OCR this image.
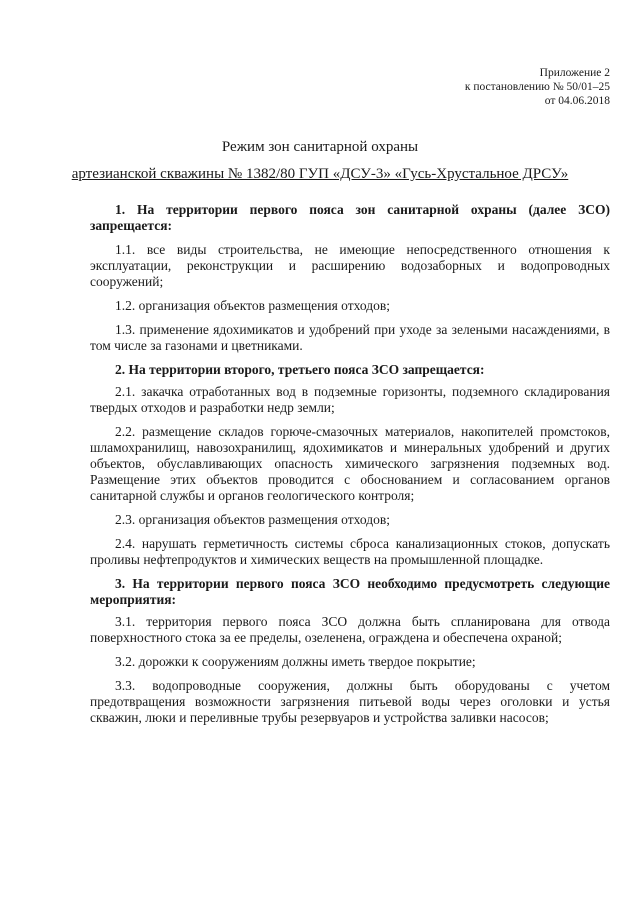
Приложение 2
к постановлению № 50/01–25
от 04.06.2018
Режим зон санитарной охраны
артезианской скважины № 1382/80 ГУП «ДСУ-3» «Гусь-Хрустальное ДРСУ»

1. На территории первого пояса зон санитарной охраны (далее ЗСО) запрещается:

1.1. все виды строительства, не имеющие непосредственного отношения к эксплуатации, реконструкции и расширению водозаборных и водопроводных сооружений;

1.2. организация объектов размещения отходов;

1.3. применение ядохимикатов и удобрений при уходе за зелеными насаждениями, в том числе за газонами и цветниками.

2. На территории второго, третьего пояса ЗСО запрещается:

2.1. закачка отработанных вод в подземные горизонты, подземного складирования твердых отходов и разработки недр земли;

2.2. размещение складов горюче-смазочных материалов, накопителей промстоков, шламохранилищ, навозохранилищ, ядохимикатов и минеральных удобрений и других объектов, обуславливающих опасность химического загрязнения подземных вод. Размещение этих объектов проводится с обоснованием и согласованием органов санитарной службы и органов геологического контроля;

2.3. организация объектов размещения отходов;

2.4. нарушать герметичность системы сброса канализационных стоков, допускать проливы нефтепродуктов и химических веществ на промышленной площадке.

3. На территории первого пояса ЗСО необходимо предусмотреть следующие мероприятия:

3.1. территория первого пояса ЗСО должна быть спланирована для отвода поверхностного стока за ее пределы, озеленена, ограждена и обеспечена охраной;

3.2. дорожки к сооружениям должны иметь твердое покрытие;

3.3. водопроводные сооружения, должны быть оборудованы с учетом предотвращения возможности загрязнения питьевой воды через оголовки и устья скважин, люки и переливные трубы резервуаров и устройства заливки насосов;
